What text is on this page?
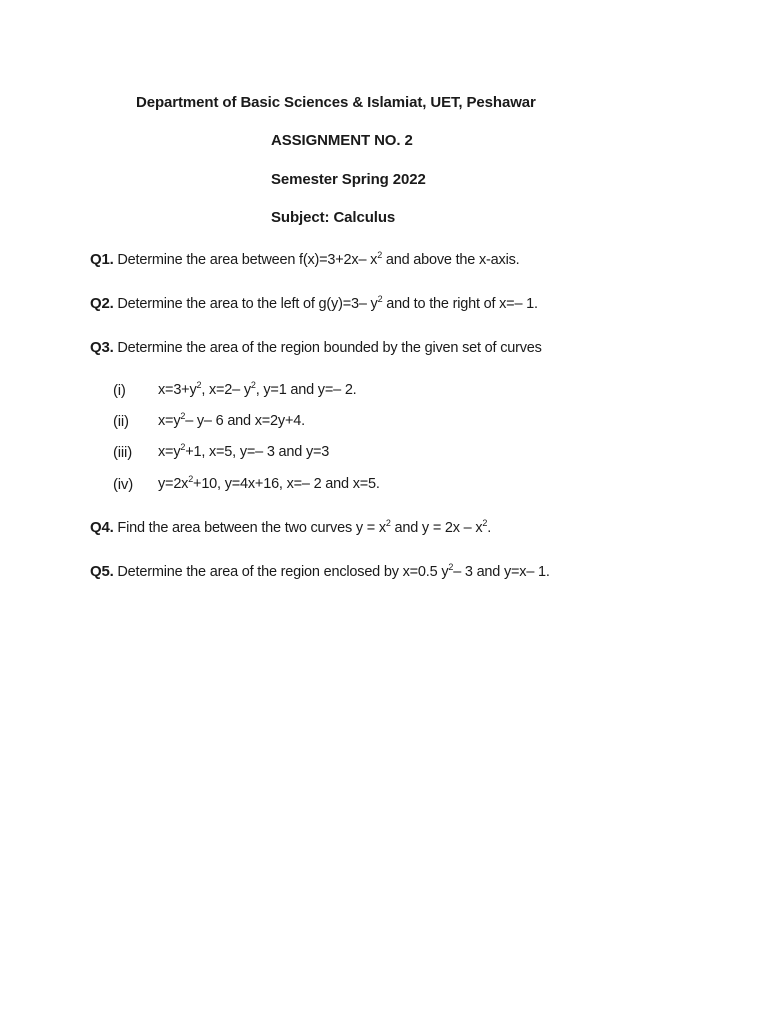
Department of Basic Sciences & Islamiat, UET, Peshawar
ASSIGNMENT NO. 2
Semester Spring 2022
Subject: Calculus
Q1. Determine the area between f(x)=3+2x– $x^2$ and above the x-axis.
Q2. Determine the area to the left of g(y)=3– $y^2$ and to the right of x=– 1.
Q3. Determine the area of the region bounded by the given set of curves
(i) $x=3+y^2$, x=2– $y^2$, y=1 and y=– 2.
(ii) $x=y^2-$ y– 6 and x=2y+4.
(iii) $x=y^2+1$, x=5, y=– 3 and y=3
(iv) $y=2x^2+10$, y=4x+16, x=– 2 and x=5.
Q4. Find the area between the two curves $y = x^2$ and $y = 2x - x^2$.
Q5. Determine the area of the region enclosed by x=0.5 $y^2-$ 3 and y=x– 1.
